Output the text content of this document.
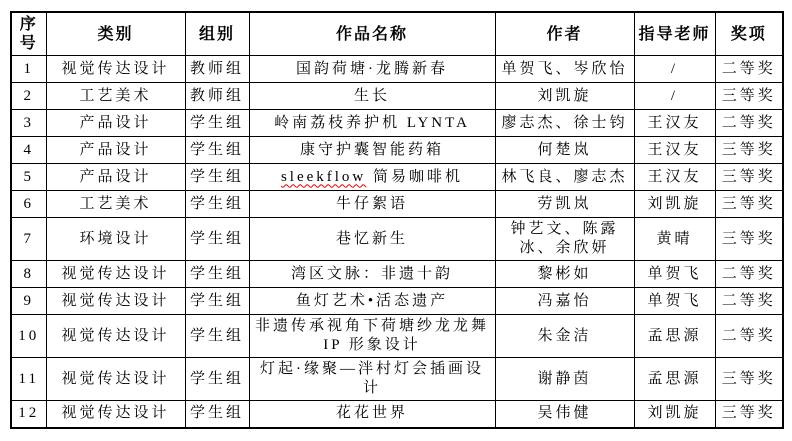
序号	类别	组别	作品名称	作者	指导老师	奖项
1	视觉传达设计	教师组	国韵荷塘·龙腾新春	单贺飞、岑欣怡	/	二等奖
2	工艺美术	教师组	生长	刘凯旋	/	三等奖
3	产品设计	学生组	岭南荔枝养护机 LYNTA	廖志杰、徐士钧	王汉友	二等奖
4	产品设计	学生组	康守护囊智能药箱	何楚岚	王汉友	三等奖
5	产品设计	学生组	sleekflow 简易咖啡机	林飞良、廖志杰	王汉友	三等奖
6	工艺美术	学生组	牛仔絮语	劳凯岚	刘凯旋	三等奖
7	环境设计	学生组	巷忆新生	钟艺文、陈露冰、余欣妍	黄晴	三等奖
8	视觉传达设计	学生组	湾区文脉：非遗十韵	黎彬如	单贺飞	二等奖
9	视觉传达设计	学生组	鱼灯艺术•活态遗产	冯嘉怡	单贺飞	二等奖
10	视觉传达设计	学生组	非遗传承视角下荷塘纱龙龙舞 IP 形象设计	朱金洁	孟思源	二等奖
11	视觉传达设计	学生组	灯起·缘聚—泮村灯会插画设计	谢静茵	孟思源	三等奖
12	视觉传达设计	学生组	花花世界	吴伟健	刘凯旋	三等奖
